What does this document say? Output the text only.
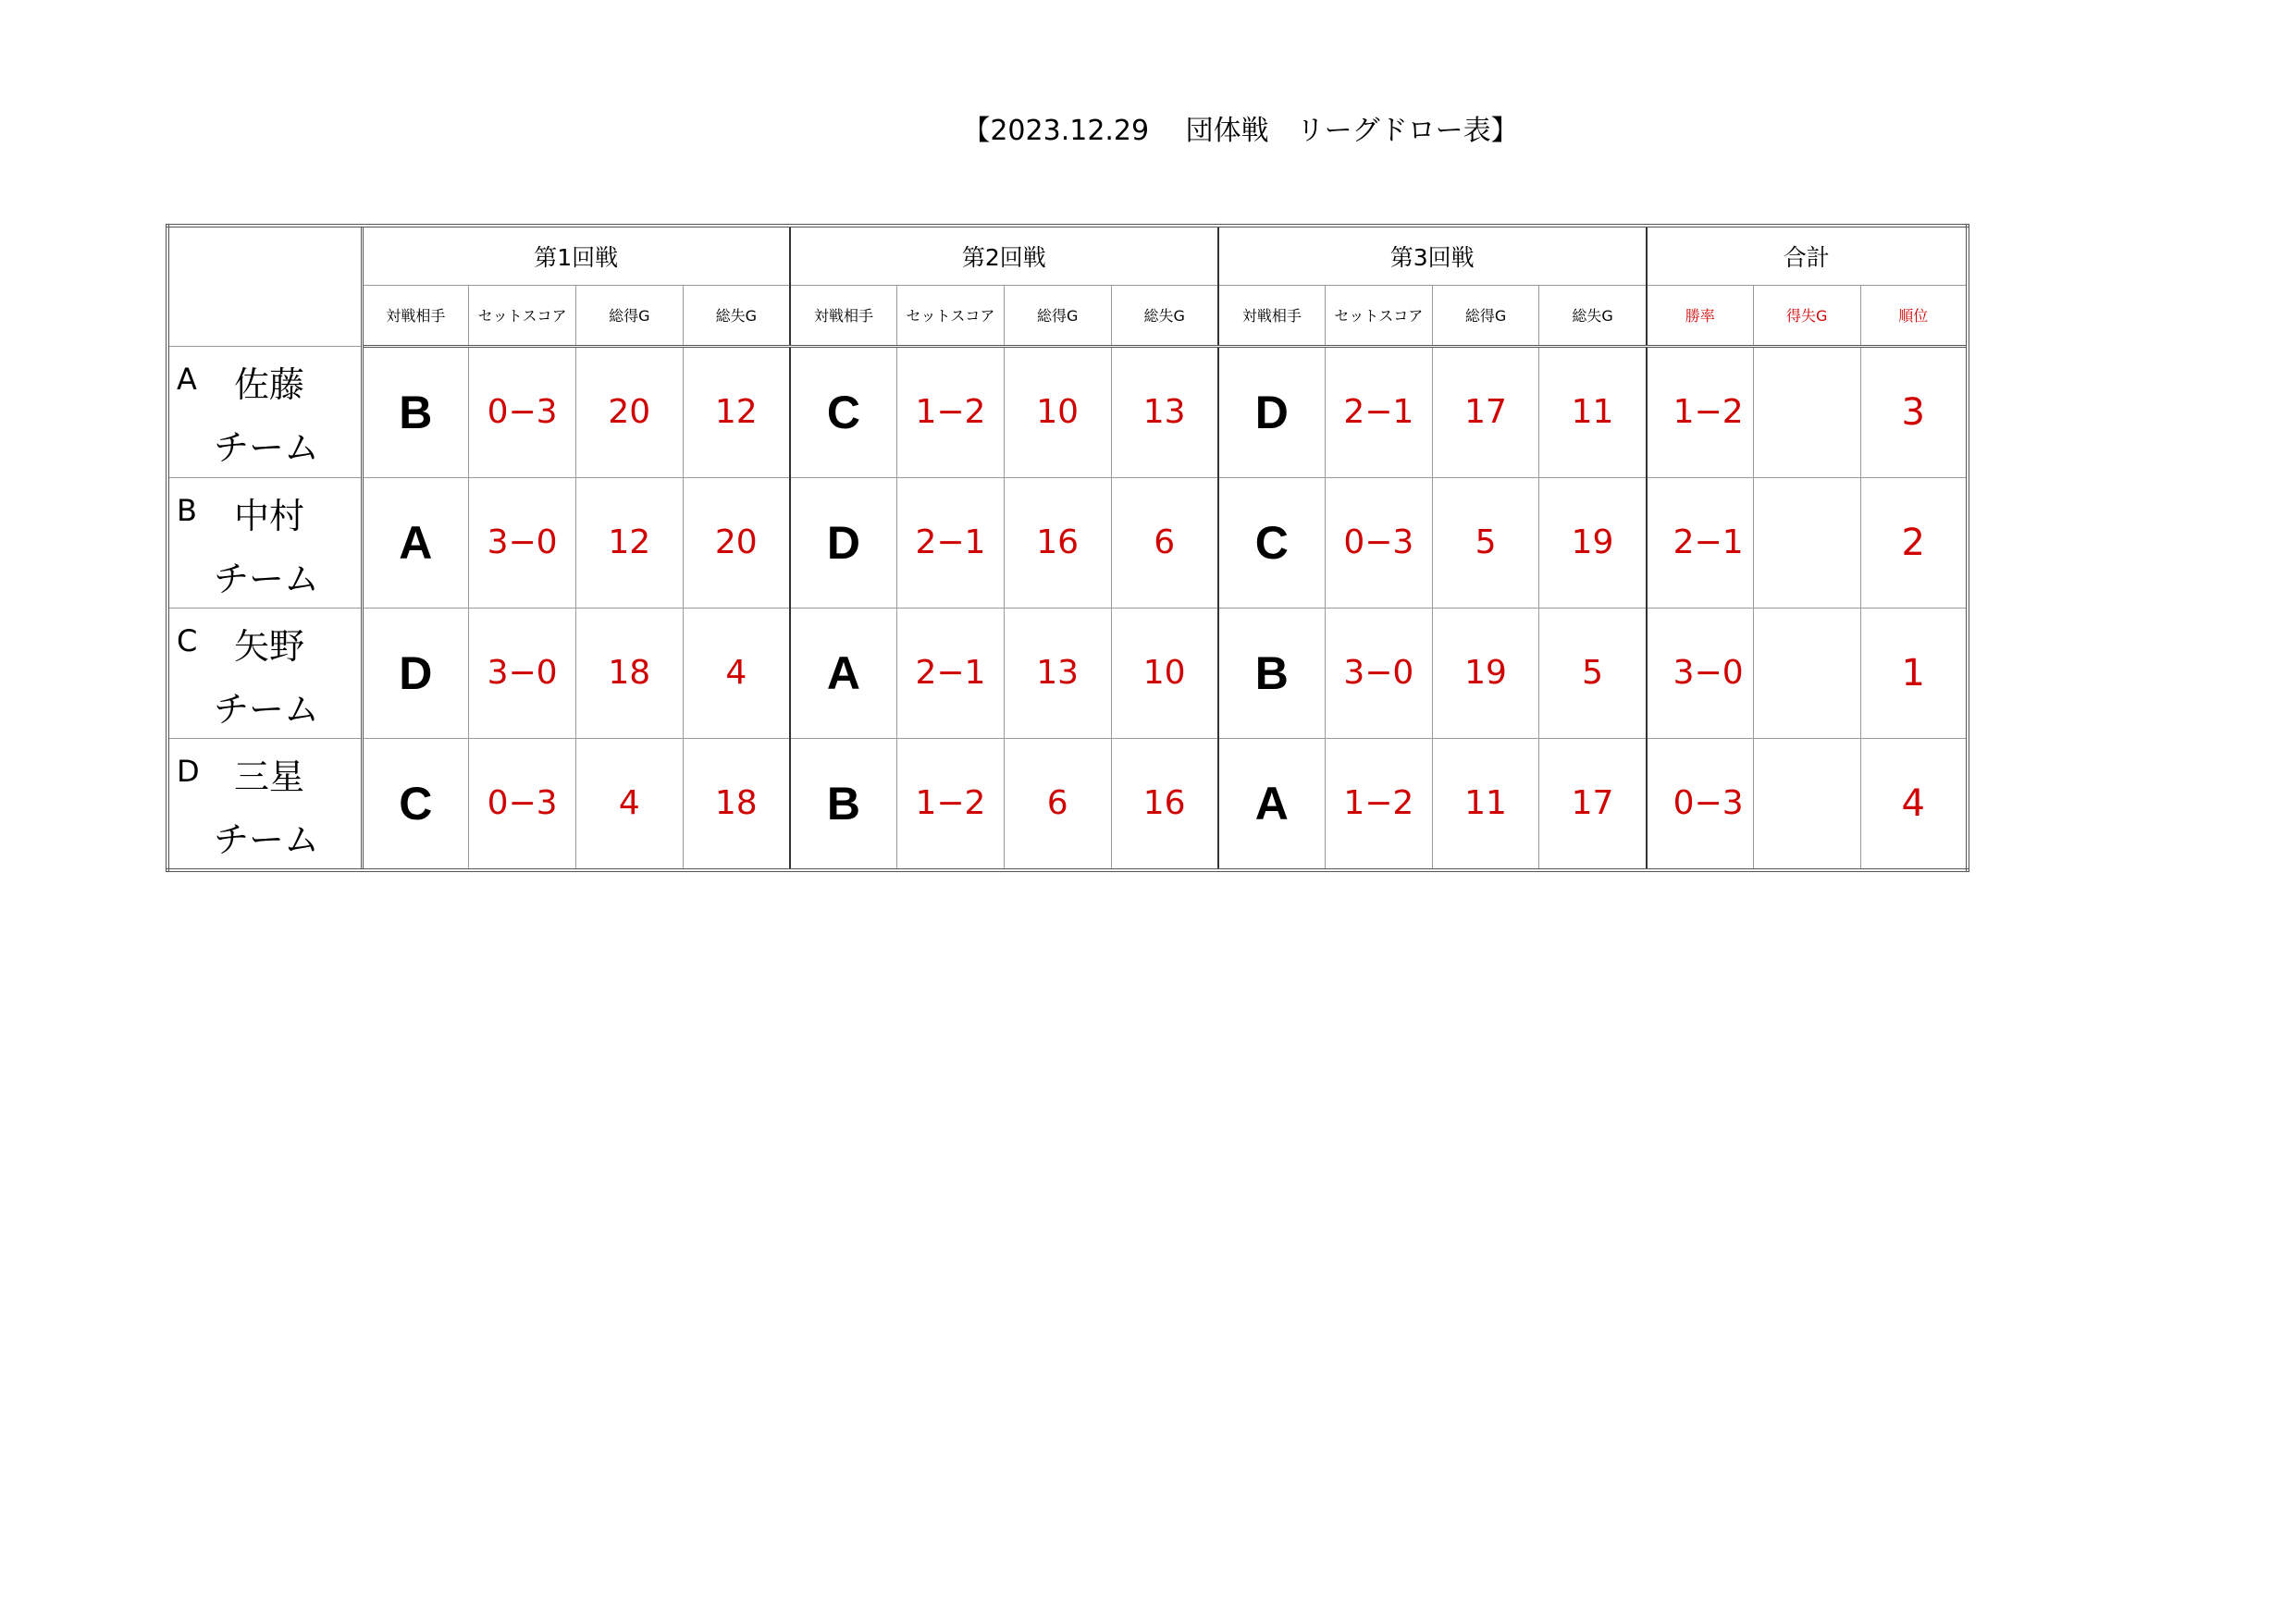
【2023.12.29　 団体戦　リーグドロー表】
	第1回戦				第2回戦				第3回戦				合計		
	対戦相手	セットスコア	総得G	総失G	対戦相手	セットスコア	総得G	総失G	対戦相手	セットスコア	総得G	総失G	勝率	得失G	順位

A 佐藤
チーム	B	0−3	20	12	C	1−2	10	13	D	2−1	17	11	1−2		3

B 中村
チーム	A	3−0	12	20	D	2−1	16	6	C	0−3	5	19	2−1		2

C 矢野
チーム	D	3−0	18	4	A	2−1	13	10	B	3−0	19	5	3−0		1

D 三星
チーム	C	0−3	4	18	B	1−2	6	16	A	1−2	11	17	0−3		4
